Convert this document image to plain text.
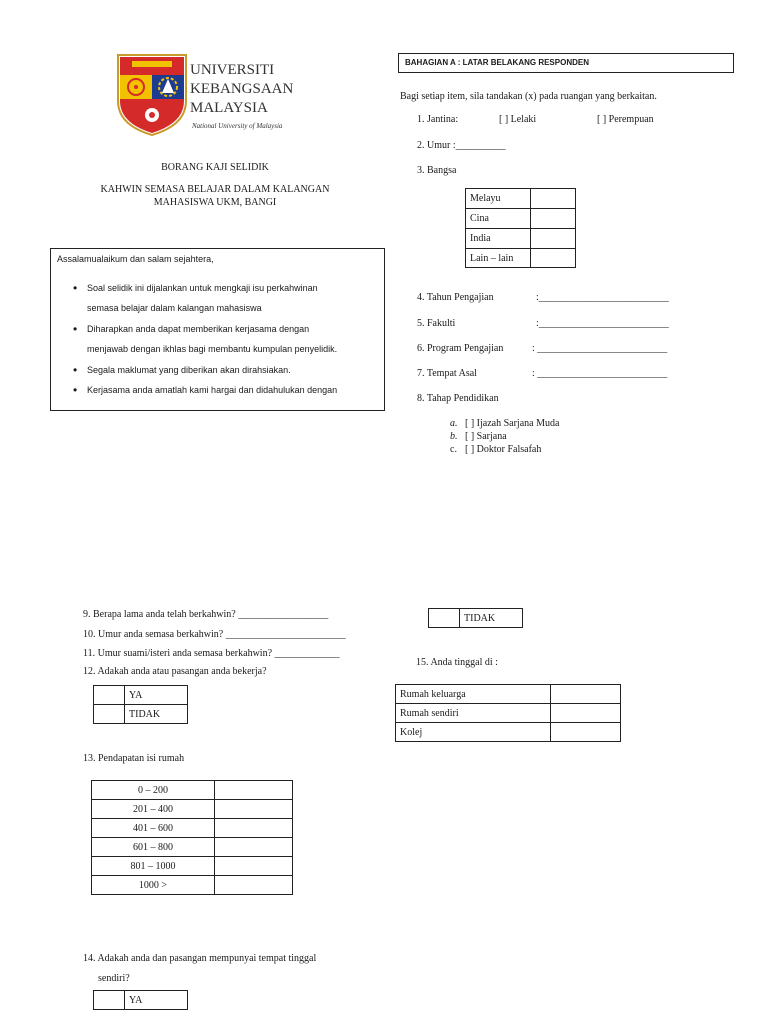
UNIVERSITI
KEBANGSAAN
MALAYSIA
National University of Malaysia
BORANG KAJI SELIDIK
KAHWIN SEMASA BELAJAR DALAM KALANGAN
MAHASISWA UKM, BANGI
Assalamualaikum dan salam sejahtera,
• Soal selidik ini dijalankan untuk mengkaji isu perkahwinan
semasa belajar dalam kalangan mahasiswa
• Diharapkan anda dapat memberikan kerjasama dengan
menjawab dengan ikhlas bagi membantu kumpulan penyelidik.
• Segala maklumat yang diberikan akan dirahsiakan.
• Kerjasama anda amatlah kami hargai dan didahulukan dengan
BAHAGIAN A : LATAR BELAKANG RESPONDEN
Bagi setiap item, sila tandakan (x) pada ruangan yang berkaitan.
1. Jantina:	[ ] Lelaki	[ ] Perempuan
2. Umur :__________
3. Bangsa
Melayu	
Cina	
India	
Lain – lain	
4. Tahun Pengajian	:__________________________
5. Fakulti	:__________________________
6. Program Pengajian	: __________________________
7. Tempat Asal	: __________________________
8. Tahap Pendidikan
a. [ ] Ijazah Sarjana Muda
b. [ ] Sarjana
c. [ ] Doktor Falsafah
9. Berapa lama anda telah berkahwin? __________________
10. Umur anda semasa berkahwin? ________________________
11. Umur suami/isteri anda semasa berkahwin? _____________
12. Adakah anda atau pasangan anda bekerja?
	YA
	TIDAK
13. Pendapatan isi rumah
0 – 200	
201 – 400	
401 – 600	
601 – 800	
801 – 1000	
1000 >	
14. Adakah anda dan pasangan mempunyai tempat tinggal
sendiri?
	YA
	TIDAK
15. Anda tinggal di :
Rumah keluarga	
Rumah sendiri	
Kolej	
